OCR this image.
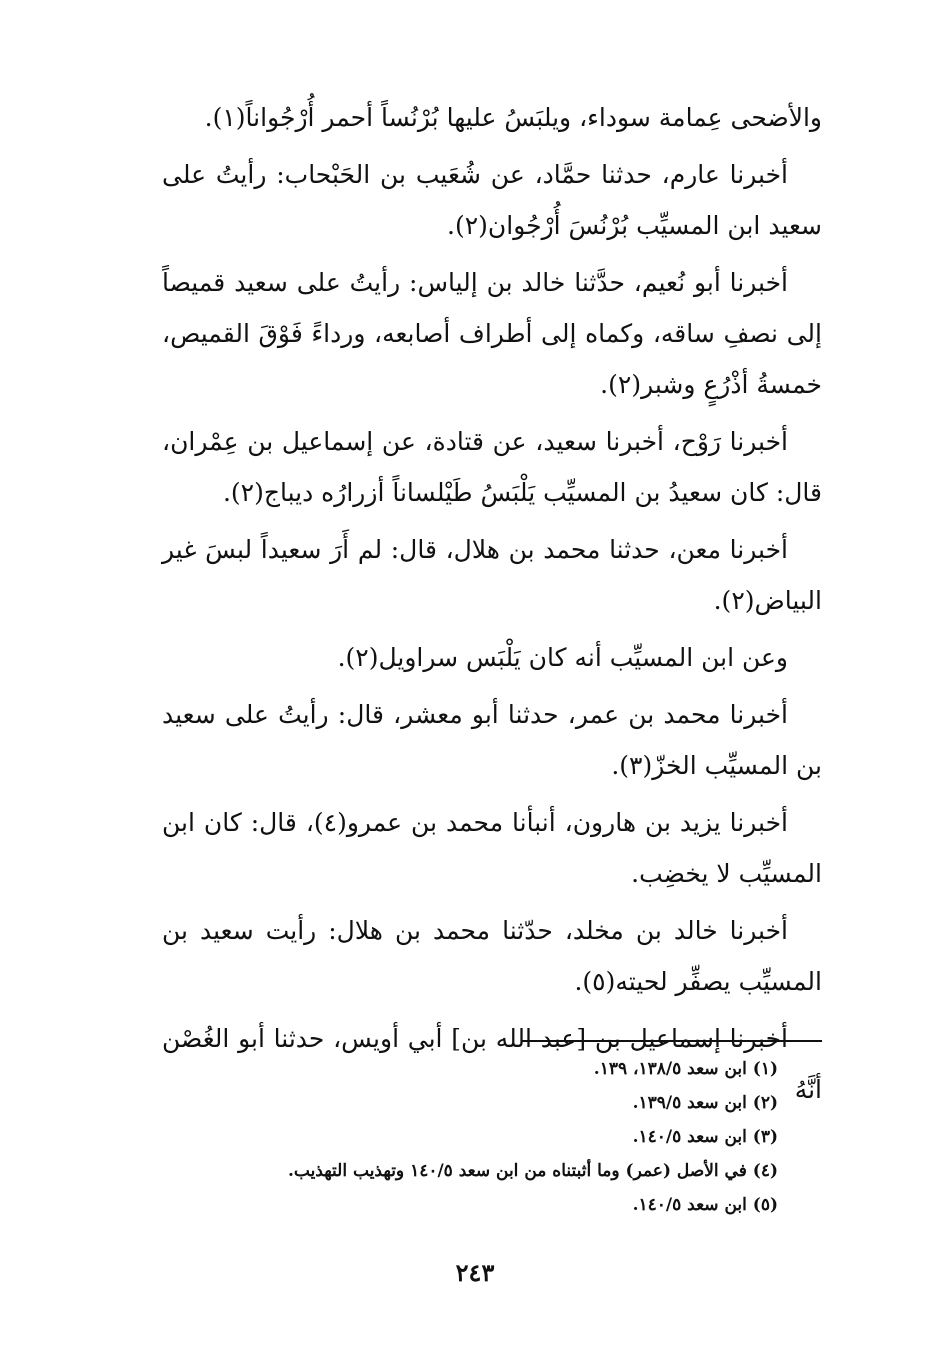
والأضحى عِمامة سوداء، ويلبَسُ عليها بُرْنُساً أحمر أُرْجُواناً(١).

أخبرنا عارم، حدثنا حمَّاد، عن شُعَيب بن الحَبْحاب: رأيتُ على سعيد ابن المسيِّب بُرْنُسَ أُرْجُوان(٢).

أخبرنا أبو نُعيم، حدَّثنا خالد بن إلياس: رأيتُ على سعيد قميصاً إلى نصفِ ساقه، وكماه إلى أطراف أصابعه، ورداءً فَوْقَ القميص، خمسةُ أذْرُعٍ وشبر(٢).

أخبرنا رَوْح، أخبرنا سعيد، عن قتادة، عن إسماعيل بن عِمْران، قال: كان سعيدُ بن المسيِّب يَلْبَسُ طَيْلساناً أزرارُه ديباج(٢).

أخبرنا معن، حدثنا محمد بن هلال، قال: لم أَرَ سعيداً لبسَ غير البياض(٢).

وعن ابن المسيِّب أنه كان يَلْبَس سراويل(٢).

أخبرنا محمد بن عمر، حدثنا أبو معشر، قال: رأيتُ على سعيد بن المسيِّب الخزّ(٣).

أخبرنا يزيد بن هارون، أنبأنا محمد بن عمرو(٤)، قال: كان ابن المسيِّب لا يخضِب.

أخبرنا خالد بن مخلد، حدّثنا محمد بن هلال: رأيت سعيد بن المسيِّب يصفِّر لحيته(٥).

أخبرنا إسماعيل بن [عبد الله بن] أبي أويس، حدثنا أبو الغُصْن أنَّهُ

(١) ابن سعد ١٣٨/٥، ١٣٩.

(٢) ابن سعد ١٣٩/٥.

(٣) ابن سعد ١٤٠/٥.

(٤) في الأصل (عمر) وما أثبتناه من ابن سعد ١٤٠/٥ وتهذيب التهذيب.

(٥) ابن سعد ١٤٠/٥.

٢٤٣
